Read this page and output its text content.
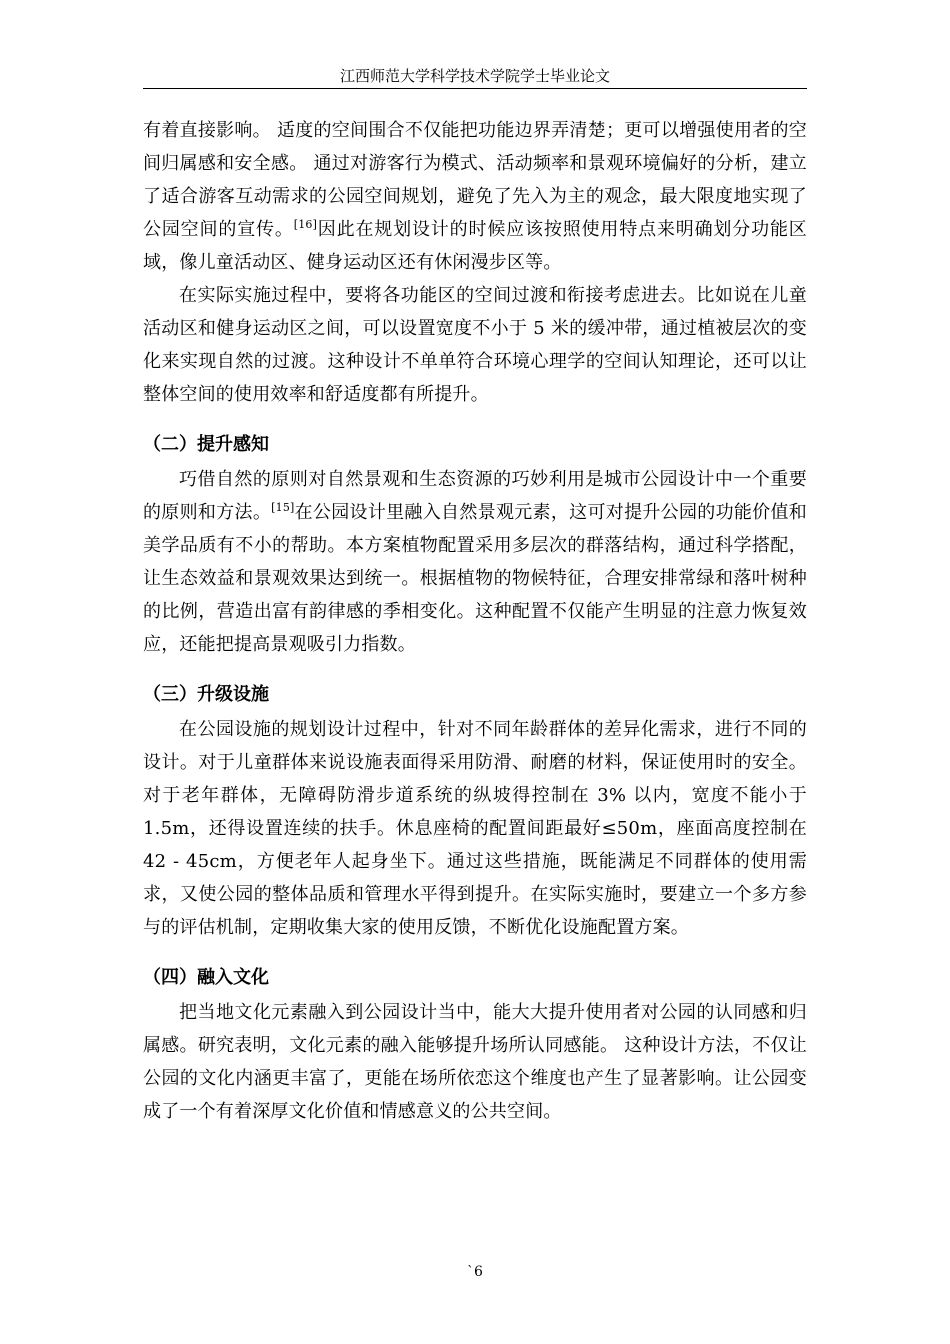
江西师范大学科学技术学院学士毕业论文

有着直接影响。 适度的空间围合不仅能把功能边界弄清楚；更可以增强使用者的空间归属感和安全感。 通过对游客行为模式、活动频率和景观环境偏好的分析，建立了适合游客互动需求的公园空间规划，避免了先入为主的观念，最大限度地实现了公园空间的宣传。[16]因此在规划设计的时候应该按照使用特点来明确划分功能区域，像儿童活动区、健身运动区还有休闲漫步区等。

在实际实施过程中，要将各功能区的空间过渡和衔接考虑进去。比如说在儿童活动区和健身运动区之间，可以设置宽度不小于 5 米的缓冲带，通过植被层次的变化来实现自然的过渡。这种设计不单单符合环境心理学的空间认知理论，还可以让整体空间的使用效率和舒适度都有所提升。

（二）提升感知

巧借自然的原则对自然景观和生态资源的巧妙利用是城市公园设计中一个重要的原则和方法。[15]在公园设计里融入自然景观元素，这可对提升公园的功能价值和美学品质有不小的帮助。本方案植物配置采用多层次的群落结构，通过科学搭配，让生态效益和景观效果达到统一。根据植物的物候特征，合理安排常绿和落叶树种的比例，营造出富有韵律感的季相变化。这种配置不仅能产生明显的注意力恢复效应，还能把提高景观吸引力指数。

（三）升级设施

在公园设施的规划设计过程中，针对不同年龄群体的差异化需求，进行不同的设计。对于儿童群体来说设施表面得采用防滑、耐磨的材料，保证使用时的安全。对于老年群体，无障碍防滑步道系统的纵坡得控制在 3% 以内，宽度不能小于 1.5m，还得设置连续的扶手。休息座椅的配置间距最好≤50m，座面高度控制在 42 - 45cm，方便老年人起身坐下。通过这些措施，既能满足不同群体的使用需求，又使公园的整体品质和管理水平得到提升。在实际实施时，要建立一个多方参与的评估机制，定期收集大家的使用反馈，不断优化设施配置方案。

（四）融入文化

把当地文化元素融入到公园设计当中，能大大提升使用者对公园的认同感和归属感。研究表明，文化元素的融入能够提升场所认同感能。 这种设计方法，不仅让公园的文化内涵更丰富了，更能在场所依恋这个维度也产生了显著影响。让公园变成了一个有着深厚文化价值和情感意义的公共空间。

`6
